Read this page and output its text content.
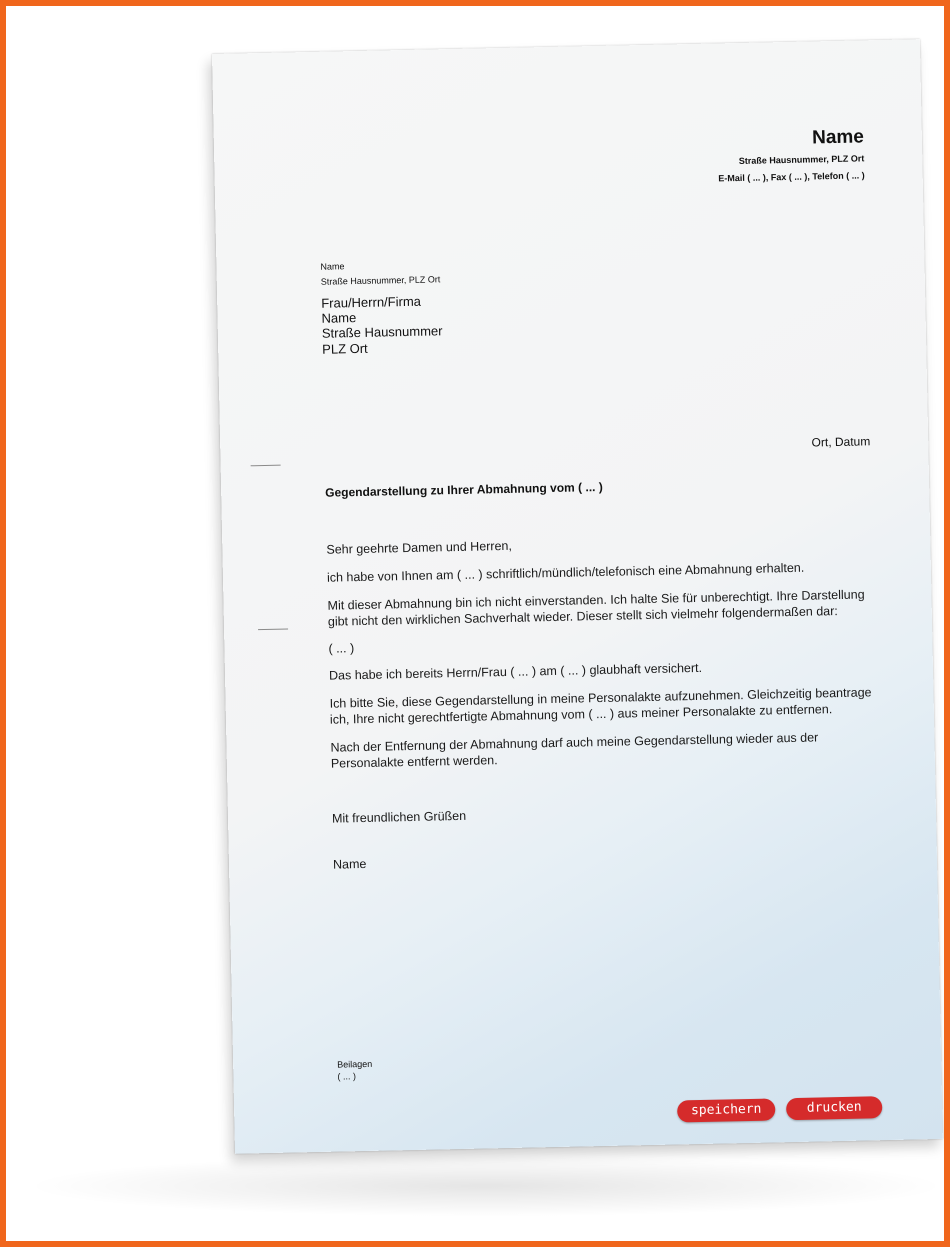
Name
Straße Hausnummer, PLZ Ort
E-Mail ( ... ), Fax ( ... ), Telefon ( ... )
Name
Straße Hausnummer, PLZ Ort
Frau/Herrn/Firma
Name
Straße Hausnummer
PLZ Ort
Ort, Datum
Gegendarstellung zu Ihrer Abmahnung vom ( ... )

Sehr geehrte Damen und Herren,

ich habe von Ihnen am ( ... ) schriftlich/mündlich/telefonisch eine Abmahnung erhalten.

Mit dieser Abmahnung bin ich nicht einverstanden. Ich halte Sie für unberechtigt. Ihre Darstellung gibt nicht den wirklichen Sachverhalt wieder. Dieser stellt sich vielmehr folgendermaßen dar:

( ... )

Das habe ich bereits Herrn/Frau ( ... ) am ( ... ) glaubhaft versichert.

Ich bitte Sie, diese Gegendarstellung in meine Personalakte aufzunehmen. Gleichzeitig beantrage ich, Ihre nicht gerechtfertigte Abmahnung vom ( ... ) aus meiner Personalakte zu entfernen.

Nach der Entfernung der Abmahnung darf auch meine Gegendarstellung wieder aus der Personalakte entfernt werden.

Mit freundlichen Grüßen
Name
Beilagen
( ... )
speichern	drucken
